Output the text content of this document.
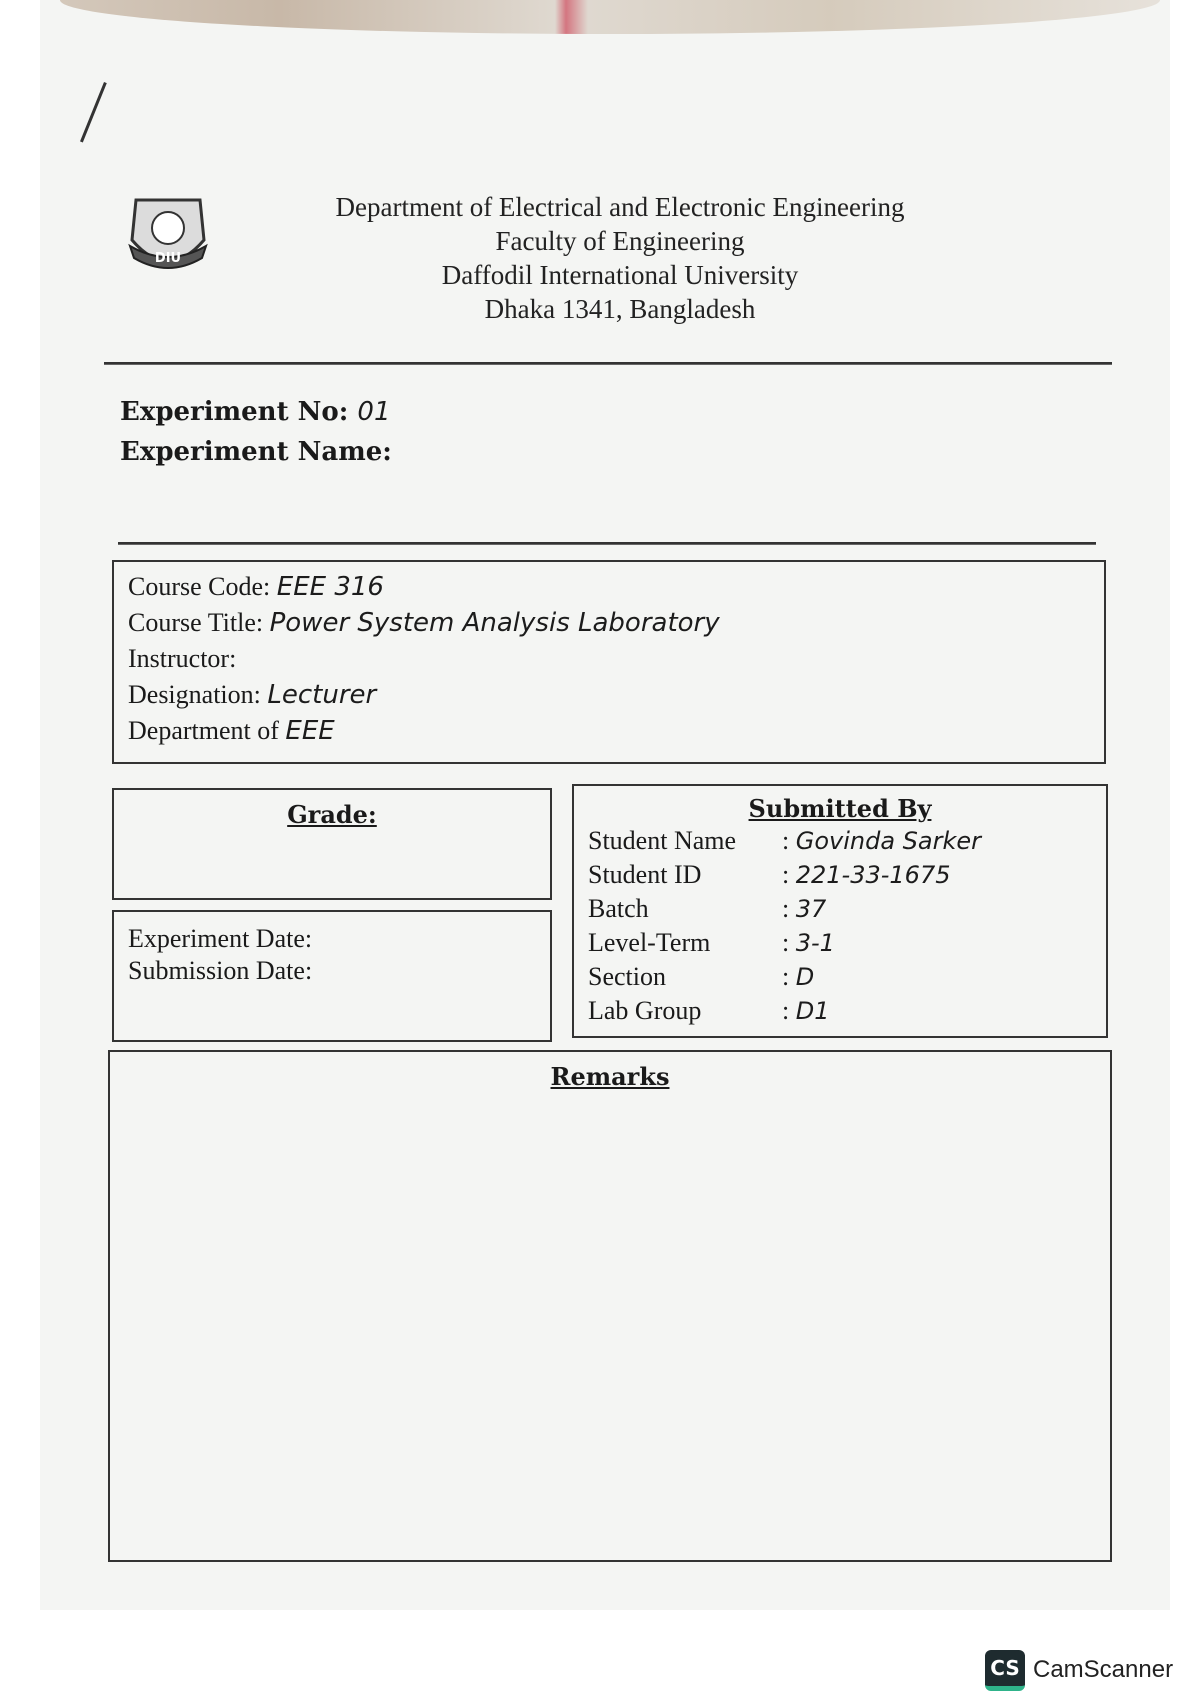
DIU
Department of Electrical and Electronic Engineering
Faculty of Engineering
Daffodil International University
Dhaka 1341, Bangladesh
Experiment No: 01
Experiment Name:
Course Code: EEE 316
Course Title: Power System Analysis Laboratory
Instructor:
Designation: Lecturer
Department of EEE
Grade:
Experiment Date:
Submission Date:
Submitted By
Student Name : Govinda Sarker
Student ID	: 221-33-1675
Batch	: 37
Level-Term	: 3-1
Section	: D
Lab Group	: D1
Remarks
CS CamScanner
